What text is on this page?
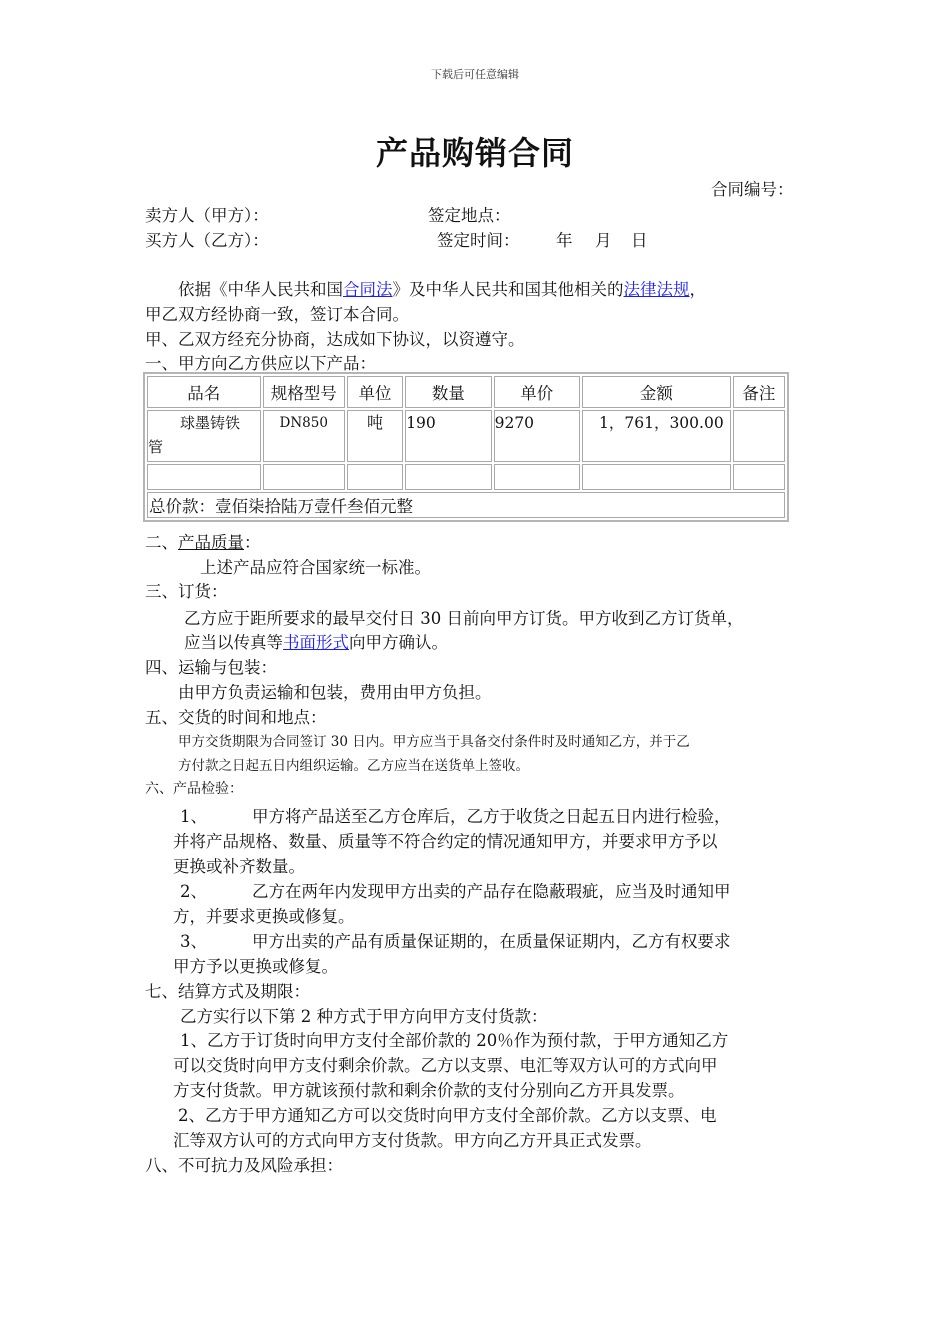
下载后可任意编辑
产品购销合同
合同编号：
卖方人（甲方）：	签定地点：
买方人（乙方）：	签定时间： 年 月 日
依据《中华人民共和国合同法》及中华人民共和国其他相关的法律法规，
甲乙双方经协商一致，签订本合同。
甲、乙双方经充分协商，达成如下协议，以资遵守。
一、甲方向乙方供应以下产品：
品名	规格型号	单位	数量	单价	金额	备注

球墨铸铁
管	DN850	吨	190	9270	1，761，300.00	

总价款：壹佰柒拾陆万壹仟叁佰元整						
二、产品质量：
上述产品应符合国家统一标准。
三、订货：
乙方应于距所要求的最早交付日 30 日前向甲方订货。甲方收到乙方订货单，
应当以传真等书面形式向甲方确认。
四、运输与包装：
由甲方负责运输和包装，费用由甲方负担。
五、交货的时间和地点：
甲方交货期限为合同签订 30 日内。甲方应当于具备交付条件时及时通知乙方，并于乙
方付款之日起五日内组织运输。乙方应当在送货单上签收。
六、产品检验：
1、	甲方将产品送至乙方仓库后，乙方于收货之日起五日内进行检验，
并将产品规格、数量、质量等不符合约定的情况通知甲方，并要求甲方予以
更换或补齐数量。
2、	乙方在两年内发现甲方出卖的产品存在隐蔽瑕疵，应当及时通知甲
方，并要求更换或修复。
3、	甲方出卖的产品有质量保证期的，在质量保证期内，乙方有权要求
甲方予以更换或修复。
七、结算方式及期限：
乙方实行以下第 2 种方式于甲方向甲方支付货款：
1、乙方于订货时向甲方支付全部价款的 20％作为预付款，于甲方通知乙方
可以交货时向甲方支付剩余价款。乙方以支票、电汇等双方认可的方式向甲
方支付货款。甲方就该预付款和剩余价款的支付分别向乙方开具发票。
2、乙方于甲方通知乙方可以交货时向甲方支付全部价款。乙方以支票、电
汇等双方认可的方式向甲方支付货款。甲方向乙方开具正式发票。
八、不可抗力及风险承担：
